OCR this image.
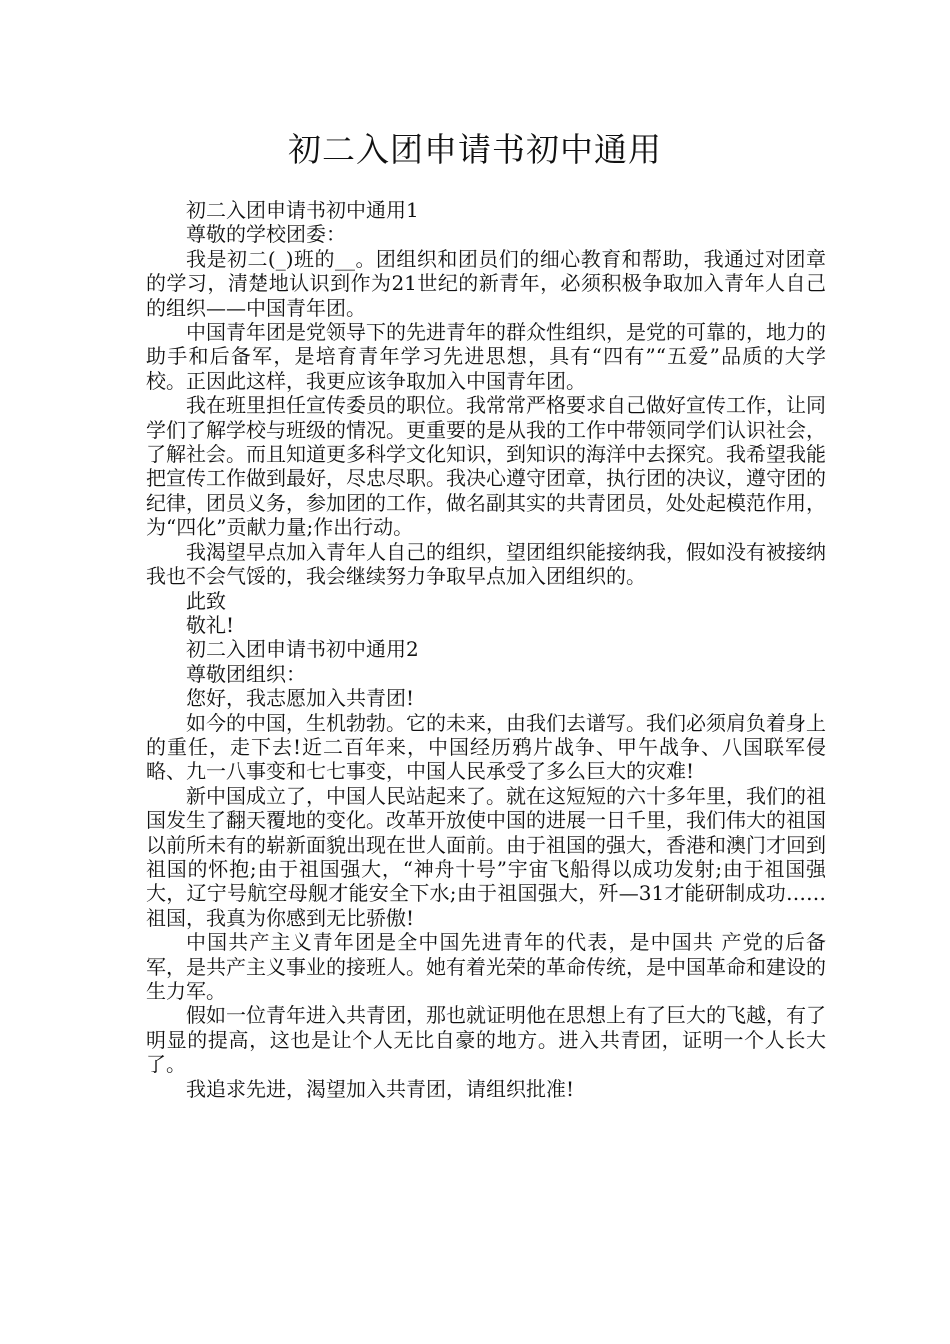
初二入团申请书初中通用

初二入团申请书初中通用1

尊敬的学校团委：

我是初二(_)班的__。团组织和团员们的细心教育和帮助，我通过对团章的学习，清楚地认识到作为21世纪的新青年，必须积极争取加入青年人自己的组织——中国青年团。

中国青年团是党领导下的先进青年的群众性组织，是党的可靠的，地力的助手和后备军，是培育青年学习先进思想，具有“四有”“五爱”品质的大学校。正因此这样，我更应该争取加入中国青年团。

我在班里担任宣传委员的职位。我常常严格要求自己做好宣传工作，让同学们了解学校与班级的情况。更重要的是从我的工作中带领同学们认识社会，了解社会。而且知道更多科学文化知识，到知识的海洋中去探究。我希望我能把宣传工作做到最好，尽忠尽职。我决心遵守团章，执行团的决议，遵守团的纪律，团员义务，参加团的工作，做名副其实的共青团员，处处起模范作用，为“四化”贡献力量;作出行动。

我渴望早点加入青年人自己的组织，望团组织能接纳我，假如没有被接纳我也不会气馁的，我会继续努力争取早点加入团组织的。

此致

敬礼!

初二入团申请书初中通用2

尊敬团组织：

您好，我志愿加入共青团!

如今的中国，生机勃勃。它的未来，由我们去谱写。我们必须肩负着身上的重任，走下去!近二百年来，中国经历鸦片战争、甲午战争、八国联军侵略、九一八事变和七七事变，中国人民承受了多么巨大的灾难!

新中国成立了，中国人民站起来了。就在这短短的六十多年里，我们的祖国发生了翻天覆地的变化。改革开放使中国的进展一日千里，我们伟大的祖国以前所未有的崭新面貌出现在世人面前。由于祖国的强大，香港和澳门才回到祖国的怀抱;由于祖国强大，“神舟十号”宇宙飞船得以成功发射;由于祖国强大，辽宁号航空母舰才能安全下水;由于祖国强大，歼—31才能研制成功……祖国，我真为你感到无比骄傲!

中国共产主义青年团是全中国先进青年的代表，是中国共 产党的后备军，是共产主义事业的接班人。她有着光荣的革命传统，是中国革命和建设的生力军。

假如一位青年进入共青团，那也就证明他在思想上有了巨大的飞越，有了明显的提高，这也是让个人无比自豪的地方。进入共青团，证明一个人长大了。

我追求先进，渴望加入共青团，请组织批准!
